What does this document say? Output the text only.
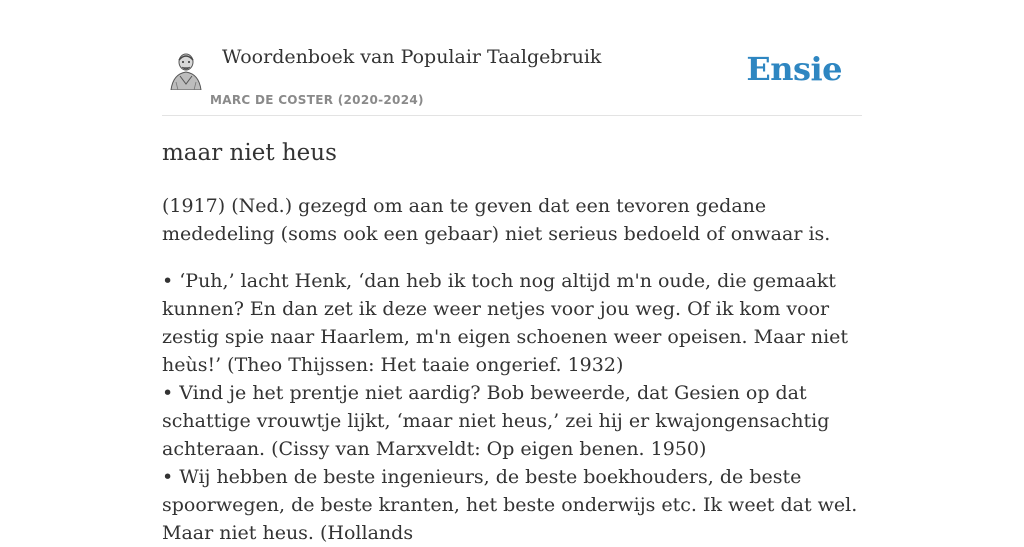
Woordenboek van Populair Taalgebruik
MARC DE COSTER (2020-2024)
Ensie
maar niet heus

(1917) (Ned.) gezegd om aan te geven dat een tevoren gedane mededeling (soms ook een gebaar) niet serieus bedoeld of onwaar is.

• ‘Puh,’ lacht Henk, ‘dan heb ik toch nog altijd m'n oude, die gemaakt kunnen? En dan zet ik deze weer netjes voor jou weg. Of ik kom voor zestig spie naar Haarlem, m'n eigen schoenen weer opeisen. Maar niet heùs!’ (Theo Thijssen: Het taaie ongerief. 1932)
• Vind je het prentje niet aardig? Bob beweerde, dat Gesien op dat schattige vrouwtje lijkt, ‘maar niet heus,’ zei hij er kwajongensachtig achteraan. (Cissy van Marxveldt: Op eigen benen. 1950)
• Wij hebben de beste ingenieurs, de beste boekhouders, de beste spoorwegen, de beste kranten, het beste onderwijs etc. Ik weet dat wel. Maar niet heus. (Hollands
